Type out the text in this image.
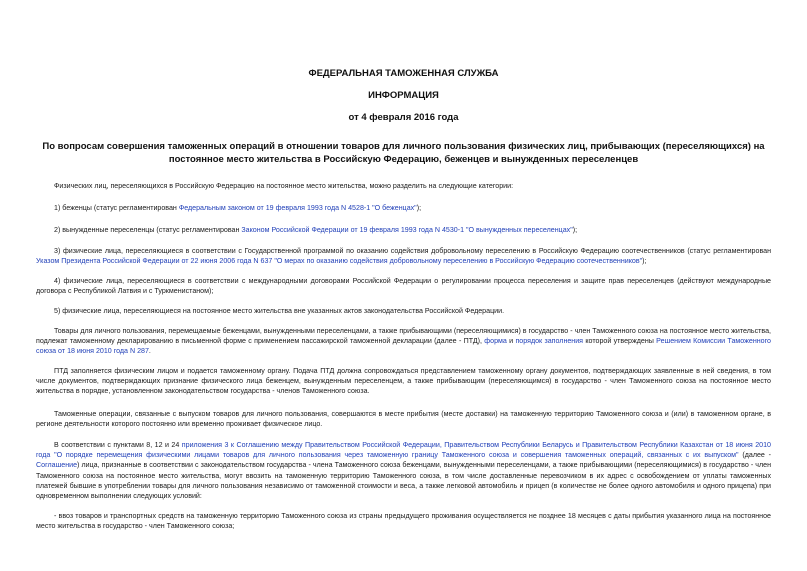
ФЕДЕРАЛЬНАЯ ТАМОЖЕННАЯ СЛУЖБА
ИНФОРМАЦИЯ
от 4 февраля 2016 года
По вопросам совершения таможенных операций в отношении товаров для личного пользования физических лиц, прибывающих (переселяющихся) на постоянное место жительства в Российскую Федерацию, беженцев и вынужденных переселенцев
Физических лиц, переселяющихся в Российскую Федерацию на постоянное место жительства, можно разделить на следующие категории:
1) беженцы (статус регламентирован Федеральным законом от 19 февраля 1993 года N 4528-1 "О беженцах");
2) вынужденные переселенцы (статус регламентирован Законом Российской Федерации от 19 февраля 1993 года N 4530-1 "О вынужденных переселенцах");
3) физические лица, переселяющиеся в соответствии с Государственной программой по оказанию содействия добровольному переселению в Российскую Федерацию соотечественников (статус регламентирован Указом Президента Российской Федерации от 22 июня 2006 года N 637 "О мерах по оказанию содействия добровольному переселению в Российскую Федерацию соотечественников");
4) физические лица, переселяющиеся в соответствии с международными договорами Российской Федерации о регулировании процесса переселения и защите прав переселенцев (действуют международные договора с Республикой Латвия и с Туркменистаном);
5) физические лица, переселяющиеся на постоянное место жительства вне указанных актов законодательства Российской Федерации.
Товары для личного пользования, перемещаемые беженцами, вынужденными переселенцами, а также прибывающими (переселяющимися) в государство - член Таможенного союза на постоянное место жительства, подлежат таможенному декларированию в письменной форме с применением пассажирской таможенной декларации (далее - ПТД), форма и порядок заполнения которой утверждены Решением Комиссии Таможенного союза от 18 июня 2010 года N 287.
ПТД заполняется физическим лицом и подается таможенному органу. Подача ПТД должна сопровождаться представлением таможенному органу документов, подтверждающих заявленные в ней сведения, в том числе документов, подтверждающих признание физического лица беженцем, вынужденным переселенцем, а также прибывающим (переселяющимся) в государство - член Таможенного союза на постоянное место жительства в порядке, установленном законодательством государства - членов Таможенного союза.
Таможенные операции, связанные с выпуском товаров для личного пользования, совершаются в месте прибытия (месте доставки) на таможенную территорию Таможенного союза и (или) в таможенном органе, в регионе деятельности которого постоянно или временно проживает физическое лицо.
В соответствии с пунктами 8, 12 и 24 приложения 3 к Соглашению между Правительством Российской Федерации, Правительством Республики Беларусь и Правительством Республики Казахстан от 18 июня 2010 года "О порядке перемещения физическими лицами товаров для личного пользования через таможенную границу Таможенного союза и совершения таможенных операций, связанных с их выпуском" (далее - Соглашение) лица, признанные в соответствии с законодательством государства - члена Таможенного союза беженцами, вынужденными переселенцами, а также прибывающими (переселяющимися) в государство - член Таможенного союза на постоянное место жительства, могут ввозить на таможенную территорию Таможенного союза, в том числе доставленные перевозчиком в их адрес с освобождением от уплаты таможенных платежей бывшие в употреблении товары для личного пользования независимо от таможенной стоимости и веса, а также легковой автомобиль и прицеп (в количестве не более одного автомобиля и одного прицепа) при одновременном выполнении следующих условий:
- ввоз товаров и транспортных средств на таможенную территорию Таможенного союза из страны предыдущего проживания осуществляется не позднее 18 месяцев с даты прибытия указанного лица на постоянное место жительства в государство - член Таможенного союза;
